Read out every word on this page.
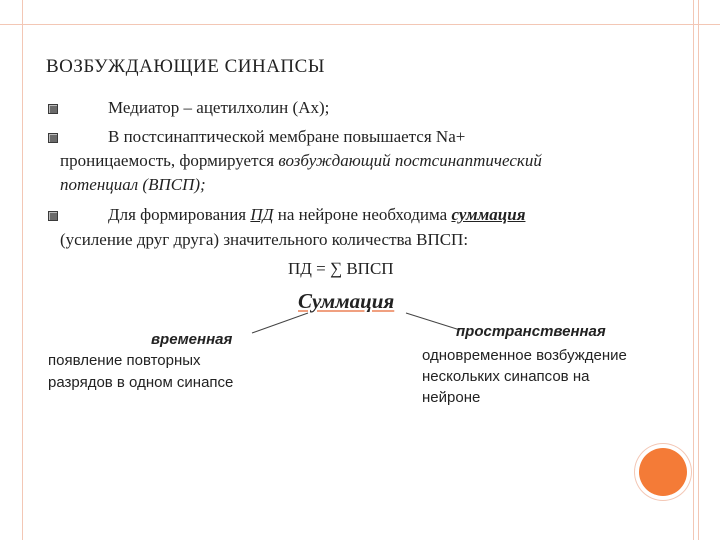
ВОЗБУЖДАЮЩИЕ СИНАПСЫ
Медиатор – ацетилхолин (Ах);
В постсинаптической мембране повышается Na+
проницаемость, формируется возбуждающий постсинаптический
потенциал (ВПСП);
Для формирования ПД на нейроне необходима суммация
(усиление друг друга) значительного количества ВПСП:
ПД = ∑ ВПСП
Суммация
временная
появление повторных
разрядов в одном синапсе
пространственная
одновременное возбуждение
нескольких синапсов на
нейроне
